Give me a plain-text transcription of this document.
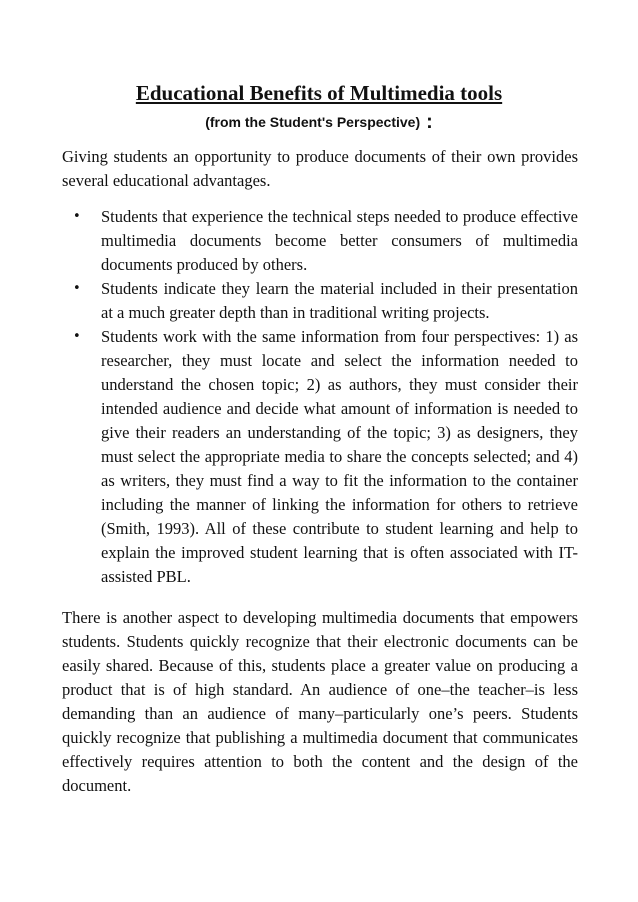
Educational Benefits of Multimedia tools
(from the Student's Perspective) :

Giving students an opportunity to produce documents of their own provides several educational advantages.

• Students that experience the technical steps needed to produce effective multimedia documents become better consumers of multimedia documents produced by others.

• Students indicate they learn the material included in their presentation at a much greater depth than in traditional writing projects.

• Students work with the same information from four perspectives: 1) as researcher, they must locate and select the information needed to understand the chosen topic; 2) as authors, they must consider their intended audience and decide what amount of information is needed to give their readers an understanding of the topic; 3) as designers, they must select the appropriate media to share the concepts selected; and 4) as writers, they must find a way to fit the information to the container including the manner of linking the information for others to retrieve (Smith, 1993). All of these contribute to student learning and help to explain the improved student learning that is often associated with IT-assisted PBL.

There is another aspect to developing multimedia documents that empowers students. Students quickly recognize that their electronic documents can be easily shared. Because of this, students place a greater value on producing a product that is of high standard. An audience of one–the teacher–is less demanding than an audience of many–particularly one’s peers. Students quickly recognize that publishing a multimedia document that communicates effectively requires attention to both the content and the design of the document.
